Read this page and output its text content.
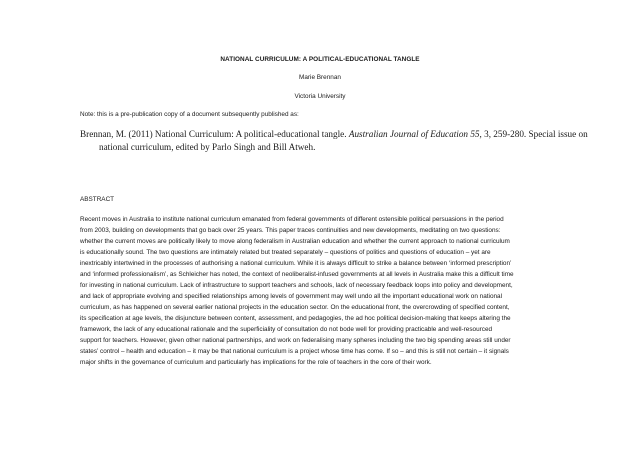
NATIONAL CURRICULUM: A POLITICAL-EDUCATIONAL TANGLE
Marie Brennan
Victoria University
Note: this is a pre-publication copy of a document subsequently published as:
Brennan, M. (2011) National Curriculum: A political-educational tangle. Australian Journal of Education 55, 3, 259-280. Special issue on national curriculum, edited by Parlo Singh and Bill Atweh.
ABSTRACT
Recent moves in Australia to institute national curriculum emanated from federal governments of different ostensible political persuasions in the period
from 2003, building on developments that go back over 25 years. This paper traces continuities and new developments, meditating on two questions:
whether the current moves are politically likely to move along federalism in Australian education and whether the current approach to national curriculum
is educationally sound. The two questions are intimately related but treated separately – questions of politics and questions of education – yet are
inextricably intertwined in the processes of authorising a national curriculum. While it is always difficult to strike a balance between ‘informed prescription’
and ‘informed professionalism’, as Schleicher has noted, the context of neoliberalist-infused governments at all levels in Australia make this a difficult time
for investing in national curriculum. Lack of infrastructure to support teachers and schools, lack of necessary feedback loops into policy and development,
and lack of appropriate evolving and specified relationships among levels of government may well undo all the important educational work on national
curriculum, as has happened on several earlier national projects in the education sector. On the educational front, the overcrowding of specified content,
its specification at age levels, the disjuncture between content, assessment, and pedagogies, the ad hoc political decision-making that keeps altering the
framework, the lack of any educational rationale and the superficiality of consultation do not bode well for providing practicable and well-resourced
support for teachers. However, given other national partnerships, and work on federalising many spheres including the two big spending areas still under
states’ control – health and education – it may be that national curriculum is a project whose time has come. If so – and this is still not certain – it signals
major shifts in the governance of curriculum and particularly has implications for the role of teachers in the core of their work.
